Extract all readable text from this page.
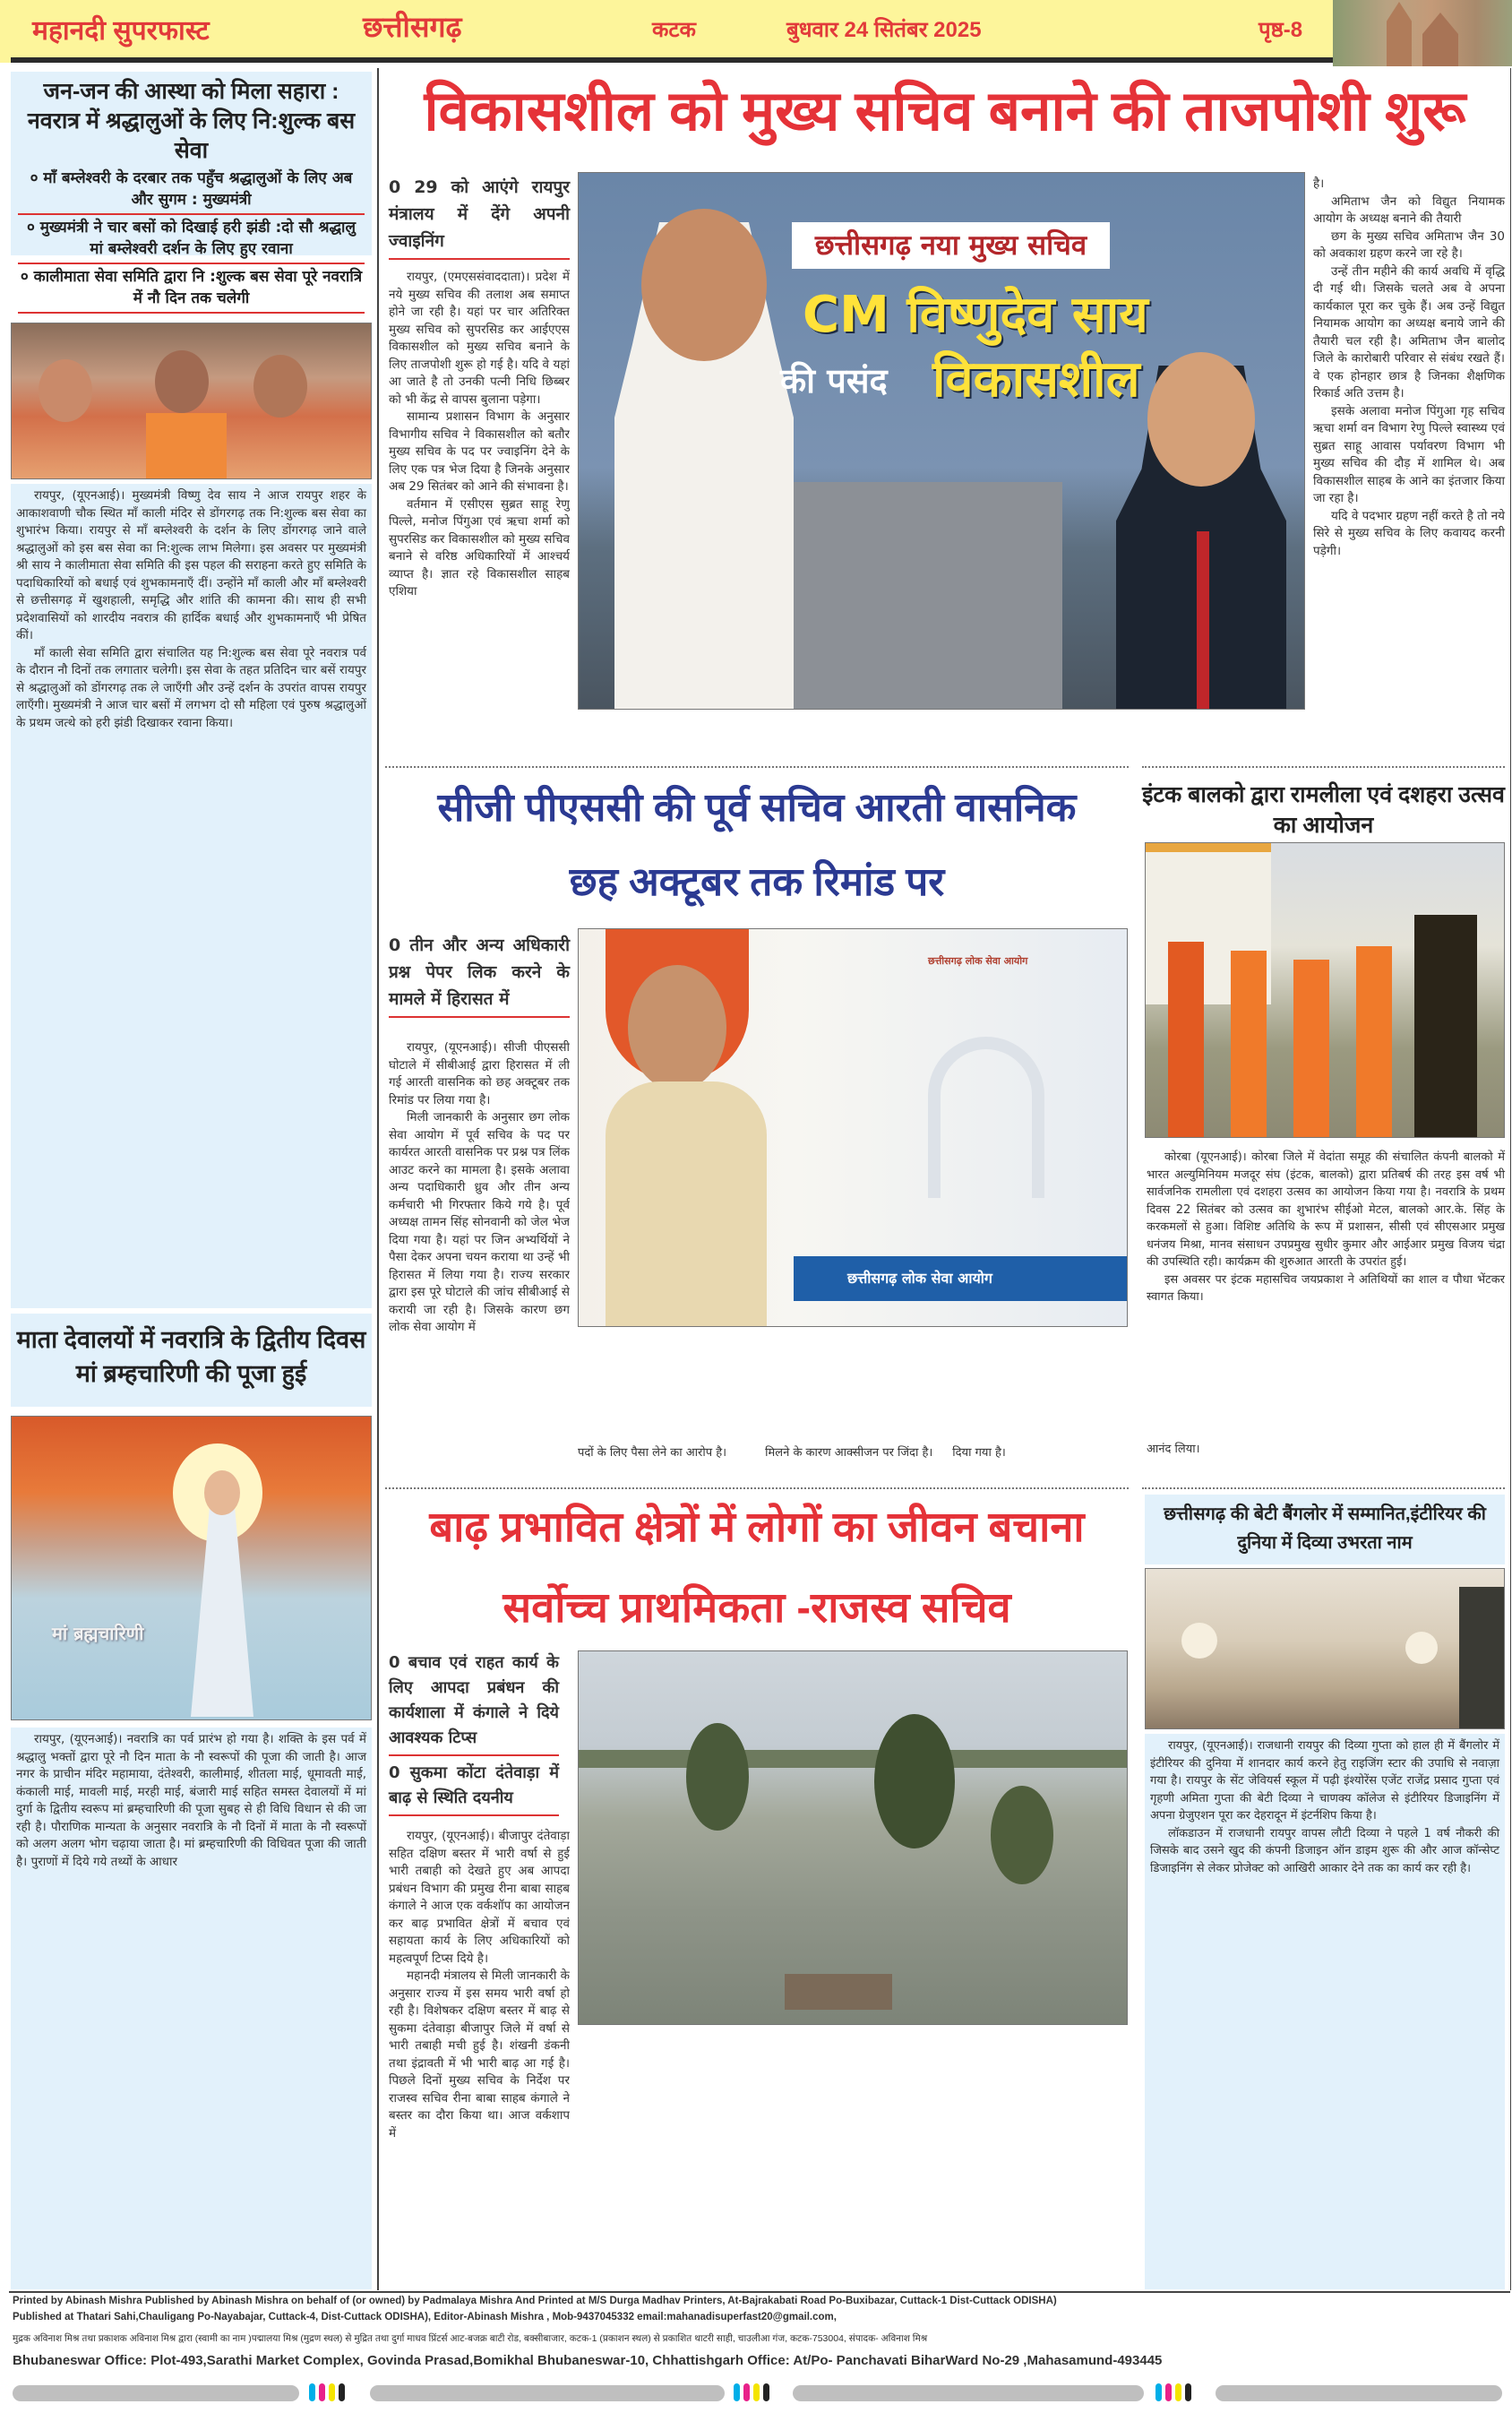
महानदी सुपरफास्ट	छत्तीसगढ़	कटक	बुधवार 24 सितंबर 2025	पृष्ठ-8
जन-जन की आस्था को मिला सहारा : नवरात्र में श्रद्धालुओं के लिए नि:शुल्क बस सेवा
० माँ बम्लेश्वरी के दरबार तक पहुँच श्रद्धालुओं के लिए अब और सुगम : मुख्यमंत्री
० मुख्यमंत्री ने चार बसों को दिखाई हरी झंडी :दो सौ श्रद्धालु मां बम्लेश्वरी दर्शन के लिए हुए रवाना
० कालीमाता सेवा समिति द्वारा नि :शुल्क बस सेवा पूरे नवरात्रि में नौ दिन तक चलेगी

रायपुर, (यूएनआई)। मुख्यमंत्री विष्णु देव साय ने आज रायपुर शहर के आकाशवाणी चौक स्थित माँ काली मंदिर से डोंगरगढ़ तक नि:शुल्क बस सेवा का शुभारंभ किया। रायपुर से माँ बम्लेश्वरी के दर्शन के लिए डोंगरगढ़ जाने वाले श्रद्धालुओं को इस बस सेवा का नि:शुल्क लाभ मिलेगा। इस अवसर पर मुख्यमंत्री श्री साय ने कालीमाता सेवा समिति की इस पहल की सराहना करते हुए समिति के पदाधिकारियों को बधाई एवं शुभकामनाएँ दीं। उन्होंने माँ काली और माँ बम्लेश्वरी से छत्तीसगढ़ में खुशहाली, समृद्धि और शांति की कामना की। साथ ही सभी प्रदेशवासियों को शारदीय नवरात्र की हार्दिक बधाई और शुभकामनाएँ भी प्रेषित कीं।

माँ काली सेवा समिति द्वारा संचालित यह नि:शुल्क बस सेवा पूरे नवरात्र पर्व के दौरान नौ दिनों तक लगातार चलेगी। इस सेवा के तहत प्रतिदिन चार बसें रायपुर से श्रद्धालुओं को डोंगरगढ़ तक ले जाएँगी और उन्हें दर्शन के उपरांत वापस रायपुर लाएँगी। मुख्यमंत्री ने आज चार बसों में लगभग दो सौ महिला एवं पुरुष श्रद्धालुओं के प्रथम जत्थे को हरी झंडी दिखाकर रवाना किया।

माता देवालयों में नवरात्रि के द्वितीय दिवस मां ब्रम्हचारिणी की पूजा हुई
मां ब्रह्मचारिणी

रायपुर, (यूएनआई)। नवरात्रि का पर्व प्रारंभ हो गया है। शक्ति के इस पर्व में श्रद्धालु भक्तों द्वारा पूरे नौ दिन माता के नौ स्वरूपों की पूजा की जाती है। आज नगर के प्राचीन मंदिर महामाया, दंतेश्वरी, कालीमाई, शीतला माई, धूमावती माई, कंकाली माई, मावली माई, मरही माई, बंजारी माई सहित समस्त देवालयों में मां दुर्गा के द्वितीय स्वरूप मां ब्रम्हचारिणी की पूजा सुबह से ही विधि विधान से की जा रही है। पौराणिक मान्यता के अनुसार नवरात्रि के नौ दिनों में माता के नौ स्वरूपों को अलग अलग भोग चढ़ाया जाता है। मां ब्रम्हचारिणी की विधिवत पूजा की जाती है। पुराणों में दिये गये तथ्यों के आधार

विकासशील को मुख्य सचिव बनाने की ताजपोशी शुरू
0 29 को आएंगे रायपुर मंत्रालय में देंगे अपनी ज्वाइनिंग

रायपुर, (एमएससंवाददाता)। प्रदेश में नये मुख्य सचिव की तलाश अब समाप्त होने जा रही है। यहां पर चार अतिरिक्त मुख्य सचिव को सुपरसिड कर आईएएस विकासशील को मुख्य सचिव बनाने के लिए ताजपोशी शुरू हो गई है। यदि वे यहां आ जाते है तो उनकी पत्नी निधि छिब्बर को भी केंद्र से वापस बुलाना पड़ेगा।

सामान्य प्रशासन विभाग के अनुसार विभागीय सचिव ने विकासशील को बतौर मुख्य सचिव के पद पर ज्वाइनिंग देने के लिए एक पत्र भेज दिया है जिनके अनुसार अब 29 सितंबर को आने की संभावना है।

वर्तमान में एसीएस सुब्रत साहू रेणु पिल्ले, मनोज पिंगुआ एवं ऋचा शर्मा को सुपरसिड कर विकासशील को मुख्य सचिव बनाने से वरिष्ठ अधिकारियों में आश्चर्य व्याप्त है। ज्ञात रहे विकासशील साहब एशिया

छत्तीसगढ़ नया मुख्य सचिव
CM विष्णुदेव साय
की पसंद विकासशील

है।

अमिताभ जैन को विद्युत नियामक आयोग के अध्यक्ष बनाने की तैयारी

छग के मुख्य सचिव अमिताभ जैन 30 को अवकाश ग्रहण करने जा रहे है।

उन्हें तीन महीने की कार्य अवधि में वृद्धि दी गई थी। जिसके चलते अब वे अपना कार्यकाल पूरा कर चुके हैं। अब उन्हें विद्युत नियामक आयोग का अध्यक्ष बनाये जाने की तैयारी चल रही है। अमिताभ जैन बालोद जिले के कारोबारी परिवार से संबंध रखते हैं। वे एक होनहार छात्र है जिनका शैक्षणिक रिकार्ड अति उत्तम है।

इसके अलावा मनोज पिंगुआ गृह सचिव ऋचा शर्मा वन विभाग रेणु पिल्ले स्वास्थ्य एवं सुब्रत साहू आवास पर्यावरण विभाग भी मुख्य सचिव की दौड़ में शामिल थे। अब विकासशील साहब के आने का इंतजार किया जा रहा है।

यदि वे पदभार ग्रहण नहीं करते है तो नये सिरे से मुख्य सचिव के लिए कवायद करनी पड़ेगी।

सीजी पीएससी की पूर्व सचिव आरती वासनिक
छह अक्टूबर तक रिमांड पर
0 तीन और अन्य अधिकारी प्रश्न पेपर लिक करने के मामले में हिरासत में

रायपुर, (यूएनआई)। सीजी पीएससी घोटाले में सीबीआई द्वारा हिरासत में ली गई आरती वासनिक को छह अक्टूबर तक रिमांड पर लिया गया है।

मिली जानकारी के अनुसार छग लोक सेवा आयोग में पूर्व सचिव के पद पर कार्यरत आरती वासनिक पर प्रश्न पत्र लिंक आउट करने का मामला है। इसके अलावा अन्य पदाधिकारी ध्रुव और तीन अन्य कर्मचारी भी गिरफ्तार किये गये है। पूर्व अध्यक्ष तामन सिंह सोनवानी को जेल भेज दिया गया है। यहां पर जिन अभ्यर्थियों ने पैसा देकर अपना चयन कराया था उन्हें भी हिरासत में लिया गया है। राज्य सरकार द्वारा इस पूरे घोटाले की जांच सीबीआई से करायी जा रही है। जिसके कारण छग लोक सेवा आयोग में

छत्तीसगढ़ लोक सेवा आयोग
छत्तीसगढ़ लोक सेवा आयोग
पदों के लिए पैसा लेने का आरोप है।	मिलने के कारण आक्सीजन पर जिंदा है। दिया गया है।
इंटक बालको द्वारा रामलीला एवं दशहरा उत्सव का आयोजन

कोरबा (यूएनआई)। कोरबा जिले में वेदांता समूह की संचालित कंपनी बालको में भारत अल्युमिनियम मजदूर संघ (इंटक, बालको) द्वारा प्रतिबर्ष की तरह इस वर्ष भी सार्वजनिक रामलीला एवं दशहरा उत्सव का आयोजन किया गया है। नवरात्रि के प्रथम दिवस 22 सितंबर को उत्सव का शुभारंभ सीईओ मेटल, बालको आर.के. सिंह के करकमलों से हुआ। विशिष्ट अतिथि के रूप में प्रशासन, सीसी एवं सीएसआर प्रमुख धनंजय मिश्रा, मानव संसाधन उपप्रमुख सुधीर कुमार और आईआर प्रमुख विजय चंद्रा की उपस्थिति रही। कार्यक्रम की शुरुआत आरती के उपरांत हुई।

इस अवसर पर इंटक महासचिव जयप्रकाश ने अतिथियों का शाल व पौधा भेंटकर स्वागत किया।

आनंद लिया।

बाढ़ प्रभावित क्षेत्रों में लोगों का जीवन बचाना
सर्वोच्च प्राथमिकता -राजस्व सचिव
0 बचाव एवं राहत कार्य के लिए आपदा प्रबंधन की कार्यशाला में कंगाले ने दिये आवश्यक टिप्स
0 सुकमा कोंटा दंतेवाड़ा में बाढ़ से स्थिति दयनीय

रायपुर, (यूएनआई)। बीजापुर दंतेवाड़ा सहित दक्षिण बस्तर में भारी वर्षा से हुई भारी तबाही को देखते हुए अब आपदा प्रबंधन विभाग की प्रमुख रीना बाबा साहब कंगाले ने आज एक वर्कशॉप का आयोजन कर बाढ़ प्रभावित क्षेत्रों में बचाव एवं सहायता कार्य के लिए अधिकारियों को महत्वपूर्ण टिप्स दिये है।

महानदी मंत्रालय से मिली जानकारी के अनुसार राज्य में इस समय भारी वर्षा हो रही है। विशेषकर दक्षिण बस्तर में बाढ़ से सुकमा दंतेवाड़ा बीजापुर जिले में वर्षा से भारी तबाही मची हुई है। शंखनी डंकनी तथा इंद्रावती में भी भारी बाढ़ आ गई है। पिछले दिनों मुख्य सचिव के निर्देश पर राजस्व सचिव रीना बाबा साहब कंगाले ने बस्तर का दौरा किया था। आज वर्कशाप में

छत्तीसगढ़ की बेटी बैंगलोर में सम्मानित,इंटीरियर की दुनिया में दिव्या उभरता नाम

रायपुर, (यूएनआई)। राजधानी रायपुर की दिव्या गुप्ता को हाल ही में बैंगलोर में इंटीरियर की दुनिया में शानदार कार्य करने हेतु राइजिंग स्टार की उपाधि से नवाज़ा गया है। रायपुर के सेंट जेवियर्स स्कूल में पढ़ी इंश्योरेंस एजेंट राजेंद्र प्रसाद गुप्ता एवं गृहणी अमिता गुप्ता की बेटी दिव्या ने चाणक्य कॉलेज से इंटीरियर डिजाइनिंग में अपना ग्रेजुएशन पूरा कर देहरादून में इंटर्नशिप किया है।

लॉकडाउन में राजधानी रायपुर वापस लौटी दिव्या ने पहले 1 वर्ष नौकरी की जिसके बाद उसने खुद की कंपनी डिजाइन ऑन डाइम शुरू की और आज कॉन्सेप्ट डिजाइनिंग से लेकर प्रोजेक्ट को आखिरी आकार देने तक का कार्य कर रही है।

Printed by Abinash Mishra Published by Abinash Mishra on behalf of (or owned) by Padmalaya Mishra And Printed at M/S Durga Madhav Printers, At-Bajrakabati Road Po-Buxibazar, Cuttack-1 Dist-Cuttack ODISHA)
Published at Thatari Sahi,Chauligang Po-Nayabajar, Cuttack-4, Dist-Cuttack ODISHA), Editor-Abinash Mishra , Mob-9437045332 email:mahanadisuperfast20@gmail.com,
मुद्रक अविनाश मिश्र तथा प्रकाशक अविनाश मिश्र द्वारा (स्वामी का नाम )पद्मालया मिश्र (मुद्रण स्थल) से मुद्रित तथा दुर्गा माधव प्रिंटर्स आट-बजक्र बाटी रोड, बक्सीबाजार, कटक-1 (प्रकाशन स्थल) से प्रकाशित थाटरी साही, चाउलीआ गंज, कटक-753004, संपादक- अविनाश मिश्र
Bhubaneswar Office: Plot-493,Sarathi Market Complex, Govinda Prasad,Bomikhal Bhubaneswar-10, Chhattishgarh Office: At/Po- Panchavati BiharWard No-29 ,Mahasamund-493445
